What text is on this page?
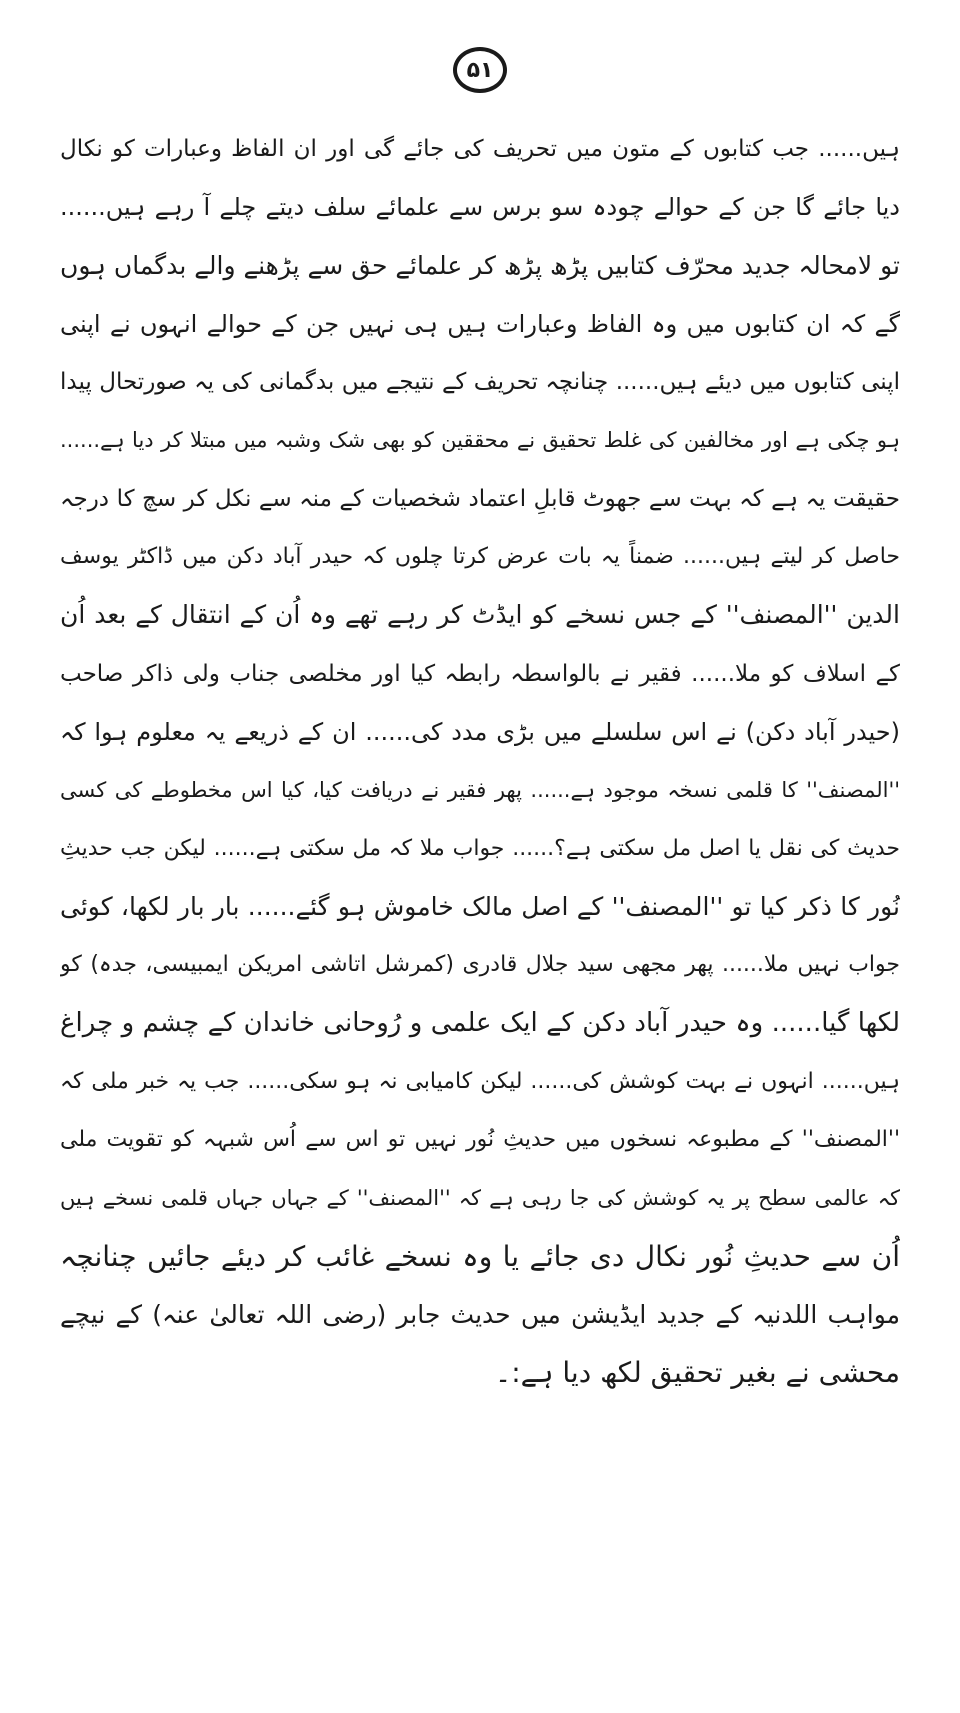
۵۱
ہیں...... جب کتابوں کے متون میں تحریف کی جائے گی اور ان الفاظ وعبارات کو نکال
دیا جائے گا جن کے حوالے چودہ سو برس سے علمائے سلف دیتے چلے آ رہے ہیں......
تو لامحالہ جدید محرّف کتابیں پڑھ پڑھ کر علمائے حق سے پڑھنے والے بدگماں ہوں
گے کہ ان کتابوں میں وہ الفاظ وعبارات ہیں ہی نہیں جن کے حوالے انہوں نے اپنی
اپنی کتابوں میں دیئے ہیں...... چنانچہ تحریف کے نتیجے میں بدگمانی کی یہ صورتحال پیدا
ہو چکی ہے اور مخالفین کی غلط تحقیق نے محققین کو بھی شک وشبہ میں مبتلا کر دیا ہے......
حقیقت یہ ہے کہ بہت سے جھوٹ قابلِ اعتماد شخصیات کے منہ سے نکل کر سچ کا درجہ
حاصل کر لیتے ہیں...... ضمناً یہ بات عرض کرتا چلوں کہ حیدر آباد دکن میں ڈاکٹر یوسف
الدین ''المصنف'' کے جس نسخے کو ایڈٹ کر رہے تھے وہ اُن کے انتقال کے بعد اُن
کے اسلاف کو ملا...... فقیر نے بالواسطہ رابطہ کیا اور مخلصی جناب ولی ذاکر صاحب
(حیدر آباد دکن) نے اس سلسلے میں بڑی مدد کی...... ان کے ذریعے یہ معلوم ہوا کہ
''المصنف'' کا قلمی نسخہ موجود ہے...... پھر فقیر نے دریافت کیا، کیا اس مخطوطے کی کسی
حدیث کی نقل یا اصل مل سکتی ہے؟...... جواب ملا کہ مل سکتی ہے...... لیکن جب حدیثِ
نُور کا ذکر کیا تو ''المصنف'' کے اصل مالک خاموش ہو گئے...... بار بار لکھا، کوئی
جواب نہیں ملا...... پھر مجھی سید جلال قادری (کمرشل اتاشی امریکن ایمبیسی، جدہ) کو
لکھا گیا...... وہ حیدر آباد دکن کے ایک علمی و رُوحانی خاندان کے چشم و چراغ
ہیں...... انہوں نے بہت کوشش کی...... لیکن کامیابی نہ ہو سکی...... جب یہ خبر ملی کہ
''المصنف'' کے مطبوعہ نسخوں میں حدیثِ نُور نہیں تو اس سے اُس شبہہ کو تقویت ملی
کہ عالمی سطح پر یہ کوشش کی جا رہی ہے کہ ''المصنف'' کے جہاں جہاں قلمی نسخے ہیں
اُن سے حدیثِ نُور نکال دی جائے یا وہ نسخے غائب کر دیئے جائیں چنانچہ
مواہب اللدنیہ کے جدید ایڈیشن میں حدیث جابر (رضی اللہ تعالیٰ عنہ) کے نیچے
محشی نے بغیر تحقیق لکھ دیا ہے:۔
